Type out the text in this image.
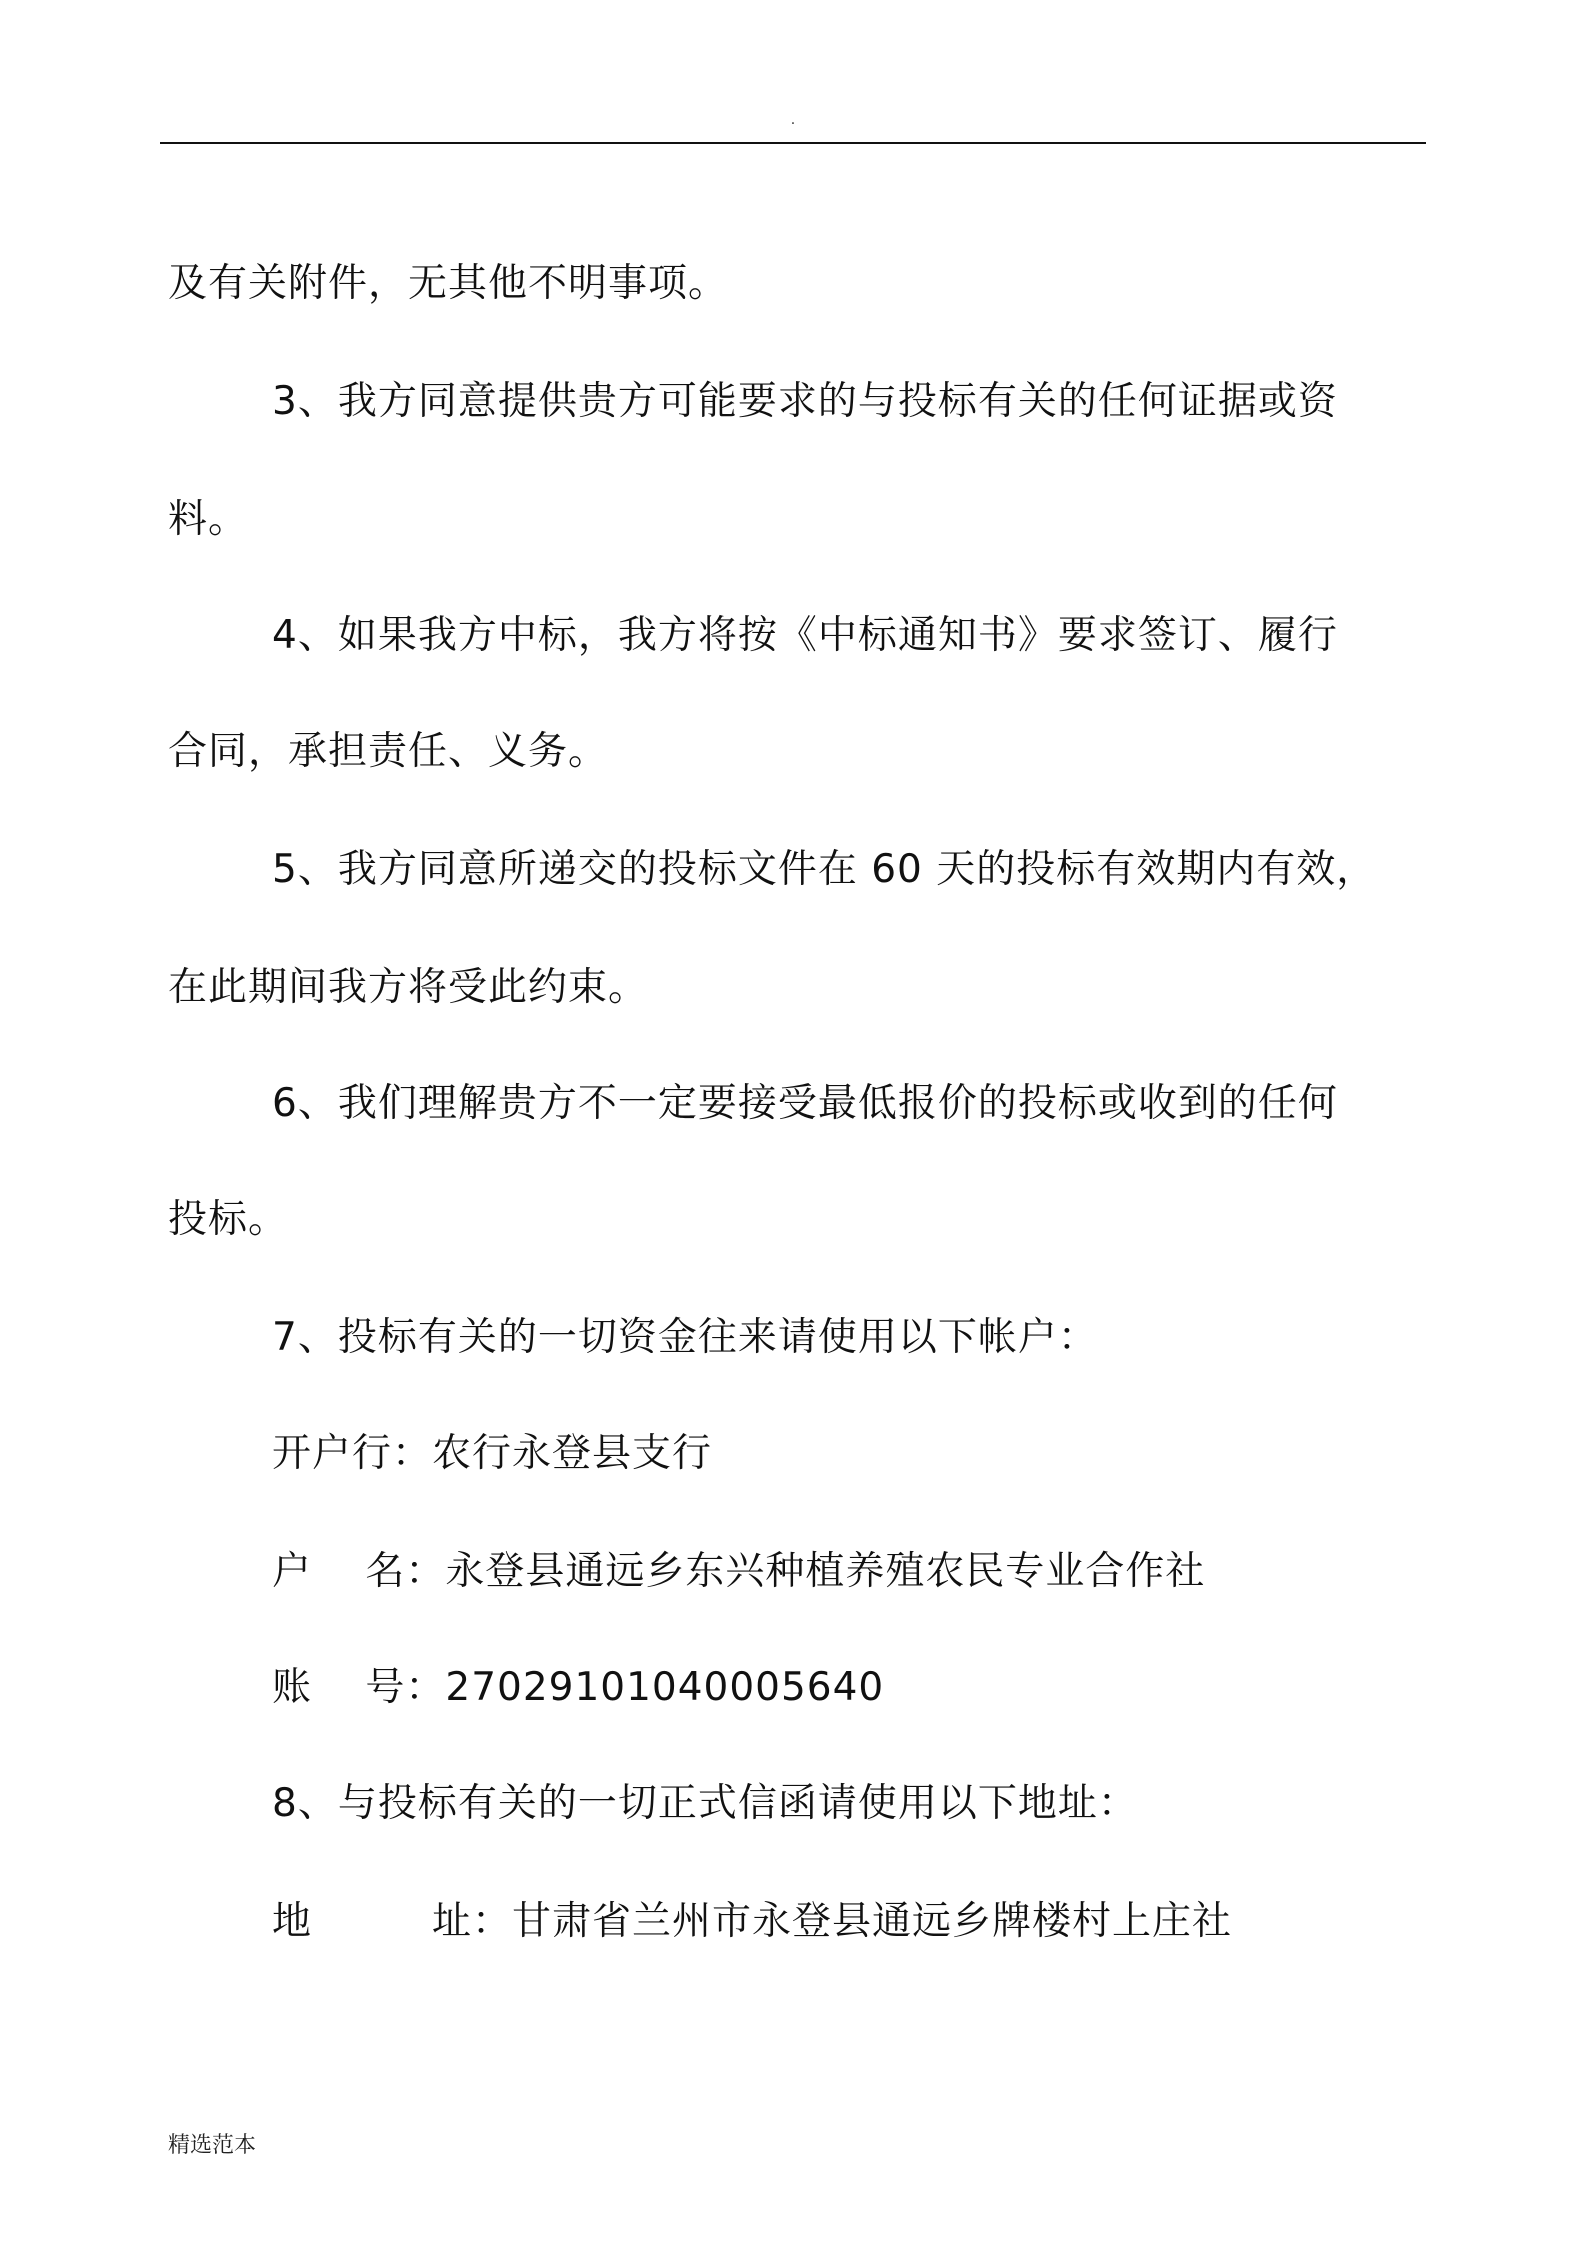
.
及有关附件，无其他不明事项。
3、我方同意提供贵方可能要求的与投标有关的任何证据或资
料。
4、如果我方中标，我方将按《中标通知书》要求签订、履行
合同，承担责任、义务。
5、我方同意所递交的投标文件在 60 天的投标有效期内有效，
在此期间我方将受此约束。
6、我们理解贵方不一定要接受最低报价的投标或收到的任何
投标。
7、投标有关的一切资金往来请使用以下帐户：
开户行：农行永登县支行
户　 名：永登县通远乡东兴种植养殖农民专业合作社
账　 号：27029101040005640
8、与投标有关的一切正式信函请使用以下地址：
地　　　址：甘肃省兰州市永登县通远乡牌楼村上庄社
精选范本
